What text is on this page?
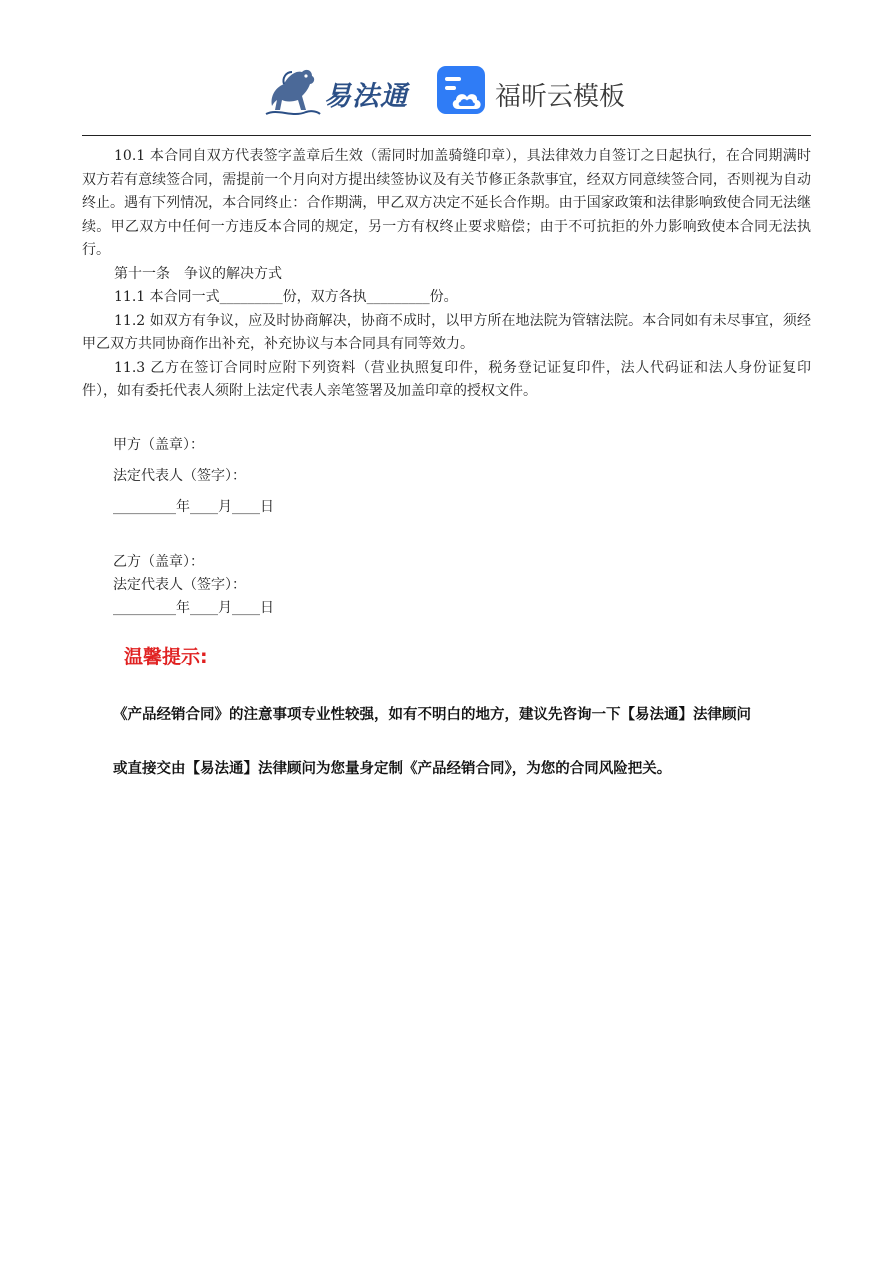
易法通	福昕云模板

10.1 本合同自双方代表签字盖章后生效（需同时加盖骑缝印章），具法律效力自签订之日起执行，在合同期满时双方若有意续签合同，需提前一个月向对方提出续签协议及有关节修正条款事宜，经双方同意续签合同，否则视为自动终止。遇有下列情况，本合同终止：合作期满，甲乙双方决定不延长合作期。由于国家政策和法律影响致使合同无法继续。甲乙双方中任何一方违反本合同的规定，另一方有权终止要求赔偿；由于不可抗拒的外力影响致使本合同无法执行。

第十一条　争议的解决方式

11.1 本合同一式_________份，双方各执_________份。

11.2 如双方有争议，应及时协商解决，协商不成时，以甲方所在地法院为管辖法院。本合同如有未尽事宜，须经甲乙双方共同协商作出补充，补充协议与本合同具有同等效力。

11.3 乙方在签订合同时应附下列资料（营业执照复印件，税务登记证复印件，法人代码证和法人身份证复印件），如有委托代表人须附上法定代表人亲笔签署及加盖印章的授权文件。

甲方（盖章）：
法定代表人（签字）：
_________年____月____日
乙方（盖章）：
法定代表人（签字）：
_________年____月____日
温馨提示:
《产品经销合同》的注意事项专业性较强，如有不明白的地方，建议先咨询一下【易法通】法律顾问
或直接交由【易法通】法律顾问为您量身定制《产品经销合同》，为您的合同风险把关。
